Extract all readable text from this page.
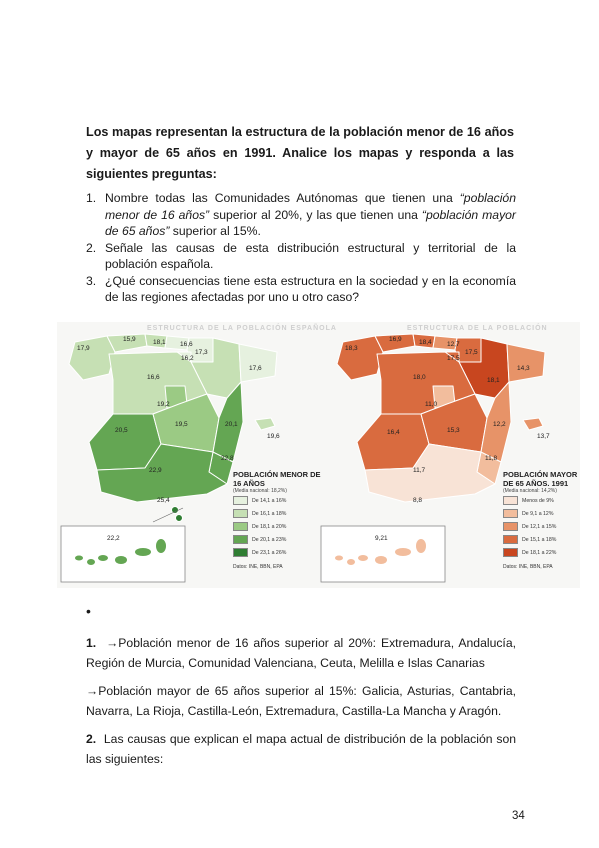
Los mapas representan la estructura de la población menor de 16 años y mayor de 65 años en 1991. Analice los mapas y responda a las siguientes preguntas:
1. Nombre todas las Comunidades Autónomas que tienen una “población menor de 16 años” superior al 20%, y las que tienen una “población mayor de 65 años” superior al 15%.
2. Señale las causas de esta distribución estructural y territorial de la población española.
3. ¿Qué consecuencias tiene esta estructura en la sociedad y en la economía de las regiones afectadas por uno u otro caso?
ESTRUCTURA DE LA POBLACIÓN ESPAÑOLA
17,9
15,9	18,1 16,6
17,3
16,2
16,6
17,6
19,2
20,5
19,5	20,1
22,8
19,6
22,9
25,4
22,2
POBLACIÓN MENOR DE 16 AÑOS
(Media nacional: 18,2%)
De 14,1 a 16%
De 16,1 a 18%
De 18,1 a 20%
De 20,1 a 23%
De 23,1 a 26%
Datos: INE, BBN, EPA
ESTRUCTURA DE LA POBLACIÓN
18,3
16,9	18,4 12,7
17,5
17,5
18,0	18,1
14,3
11,0
15,3
16,4
12,2
13,7
11,7
11,8
8,8
9,21
POBLACIÓN MAYOR DE 65 AÑOS. 1991
(Media nacional: 14,2%)
Menos de 9%
De 9,1 a 12%
De 12,1 a 15%
De 15,1 a 18%
De 18,1 a 22%
Datos: INE, BBN, EPA
•
1. →Población menor de 16 años superior al 20%: Extremadura, Andalucía, Región de Murcia, Comunidad Valenciana, Ceuta, Melilla e Islas Canarias
→Población mayor de 65 años superior al 15%: Galicia, Asturias, Cantabria, Navarra, La Rioja, Castilla-León, Extremadura, Castilla-La Mancha y Aragón.
2. Las causas que explican el mapa actual de distribución de la población son las siguientes:
34
